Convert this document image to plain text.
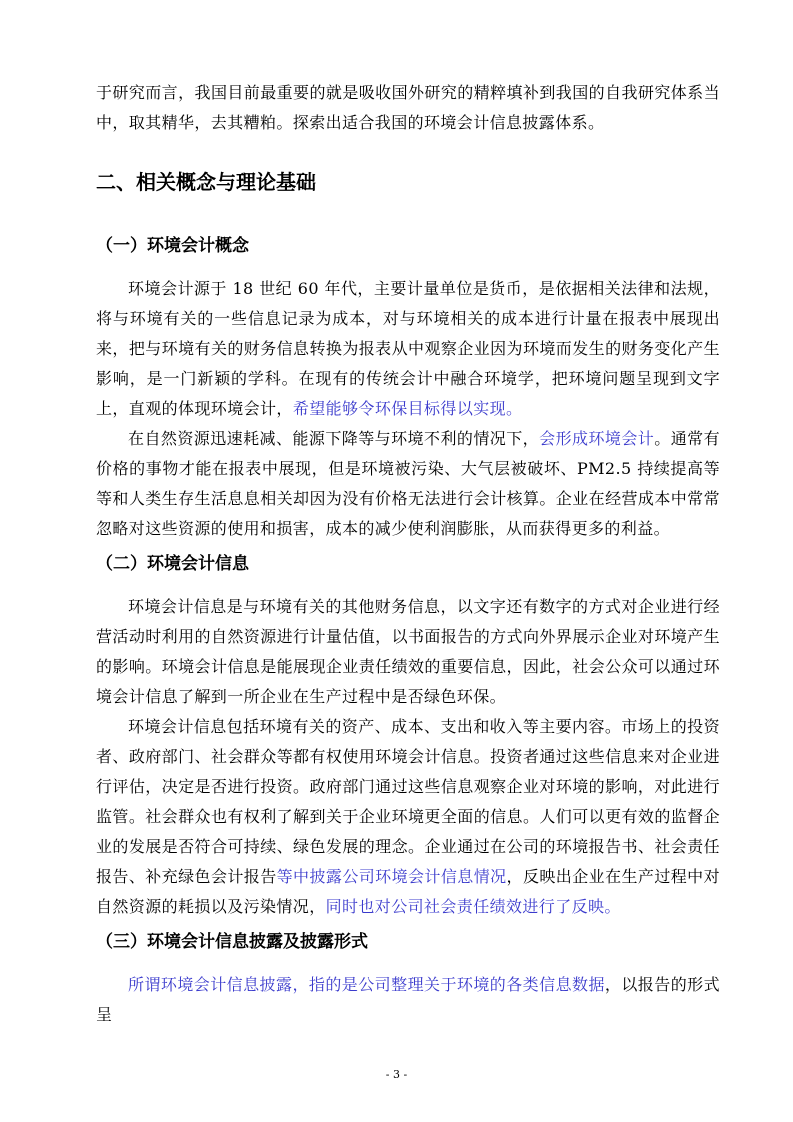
于研究而言，我国目前最重要的就是吸收国外研究的精粹填补到我国的自我研究体系当中，取其精华，去其糟粕。探索出适合我国的环境会计信息披露体系。

二、相关概念与理论基础
（一）环境会计概念

环境会计源于 18 世纪 60 年代，主要计量单位是货币，是依据相关法律和法规，将与环境有关的一些信息记录为成本，对与环境相关的成本进行计量在报表中展现出来，把与环境有关的财务信息转换为报表从中观察企业因为环境而发生的财务变化产生影响，是一门新颖的学科。在现有的传统会计中融合环境学，把环境问题呈现到文字上，直观的体现环境会计，希望能够令环保目标得以实现。

在自然资源迅速耗减、能源下降等与环境不利的情况下，会形成环境会计。通常有价格的事物才能在报表中展现，但是环境被污染、大气层被破坏、PM2.5 持续提高等等和人类生存生活息息相关却因为没有价格无法进行会计核算。企业在经营成本中常常忽略对这些资源的使用和损害，成本的减少使利润膨胀，从而获得更多的利益。

（二）环境会计信息

环境会计信息是与环境有关的其他财务信息，以文字还有数字的方式对企业进行经营活动时利用的自然资源进行计量估值，以书面报告的方式向外界展示企业对环境产生的影响。环境会计信息是能展现企业责任绩效的重要信息，因此，社会公众可以通过环境会计信息了解到一所企业在生产过程中是否绿色环保。

环境会计信息包括环境有关的资产、成本、支出和收入等主要内容。市场上的投资者、政府部门、社会群众等都有权使用环境会计信息。投资者通过这些信息来对企业进行评估，决定是否进行投资。政府部门通过这些信息观察企业对环境的影响，对此进行监管。社会群众也有权利了解到关于企业环境更全面的信息。人们可以更有效的监督企业的发展是否符合可持续、绿色发展的理念。企业通过在公司的环境报告书、社会责任报告、补充绿色会计报告等中披露公司环境会计信息情况，反映出企业在生产过程中对自然资源的耗损以及污染情况，同时也对公司社会责任绩效进行了反映。

（三）环境会计信息披露及披露形式

所谓环境会计信息披露，指的是公司整理关于环境的各类信息数据，以报告的形式呈

- 3 -
